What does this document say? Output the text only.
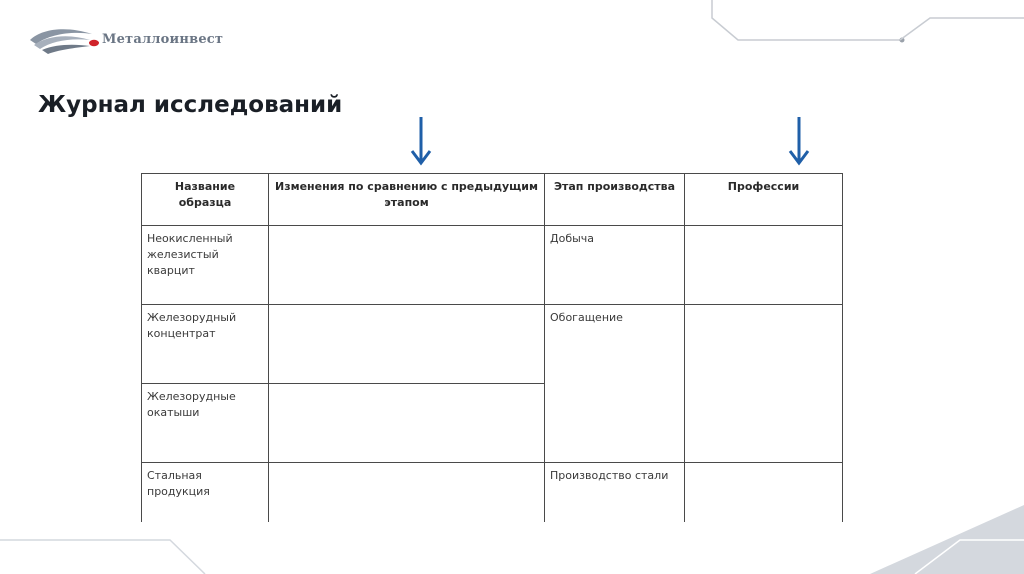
Металлоинвест
Журнал исследований
Название образца	Изменения по сравнению с предыдущим этапом	Этап производства	Профессии
Неокисленный железистый кварцит		Добыча	
Железорудный концентрат		Обогащение	
Железорудные окатыши			
Стальная продукция		Производство стали	
